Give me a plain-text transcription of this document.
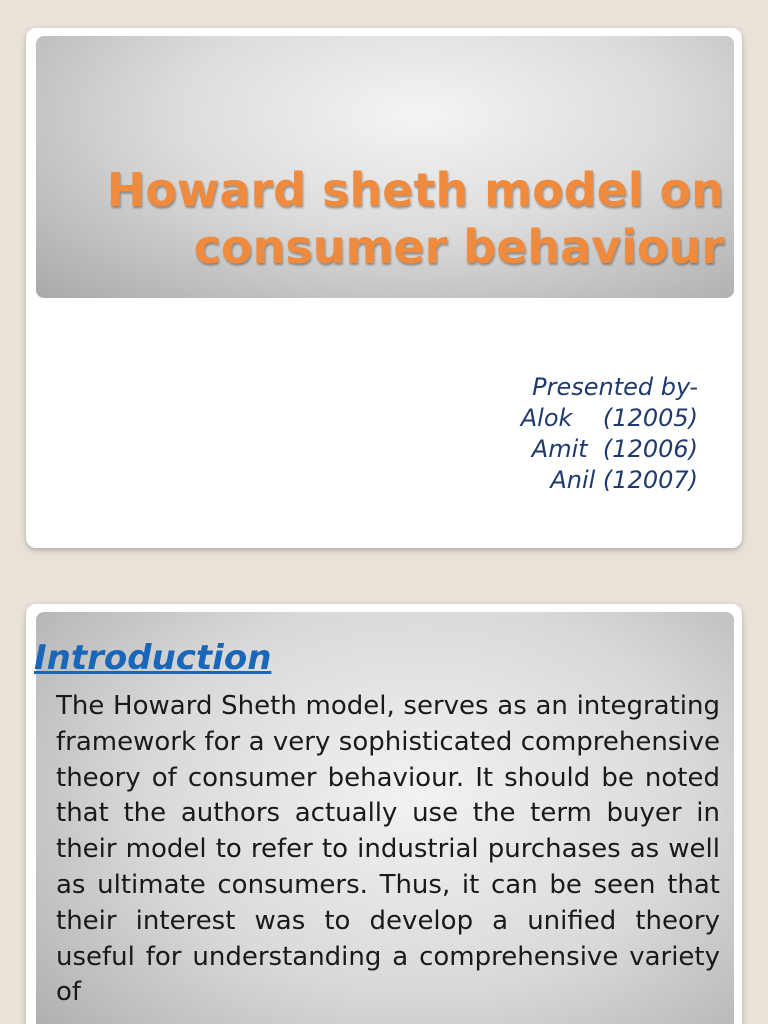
Howard sheth model on
consumer behaviour
Presented by-
Alok    (12005)
Amit  (12006)
Anil (12007)
Introduction

The Howard Sheth model, serves as an integrating framework for a very sophisticated comprehensive theory of consumer behaviour. It should be noted that the authors actually use the term buyer in their model to refer to industrial purchases as well as ultimate consumers. Thus, it can be seen that their interest was to develop a unified theory useful for understanding a comprehensive variety of
